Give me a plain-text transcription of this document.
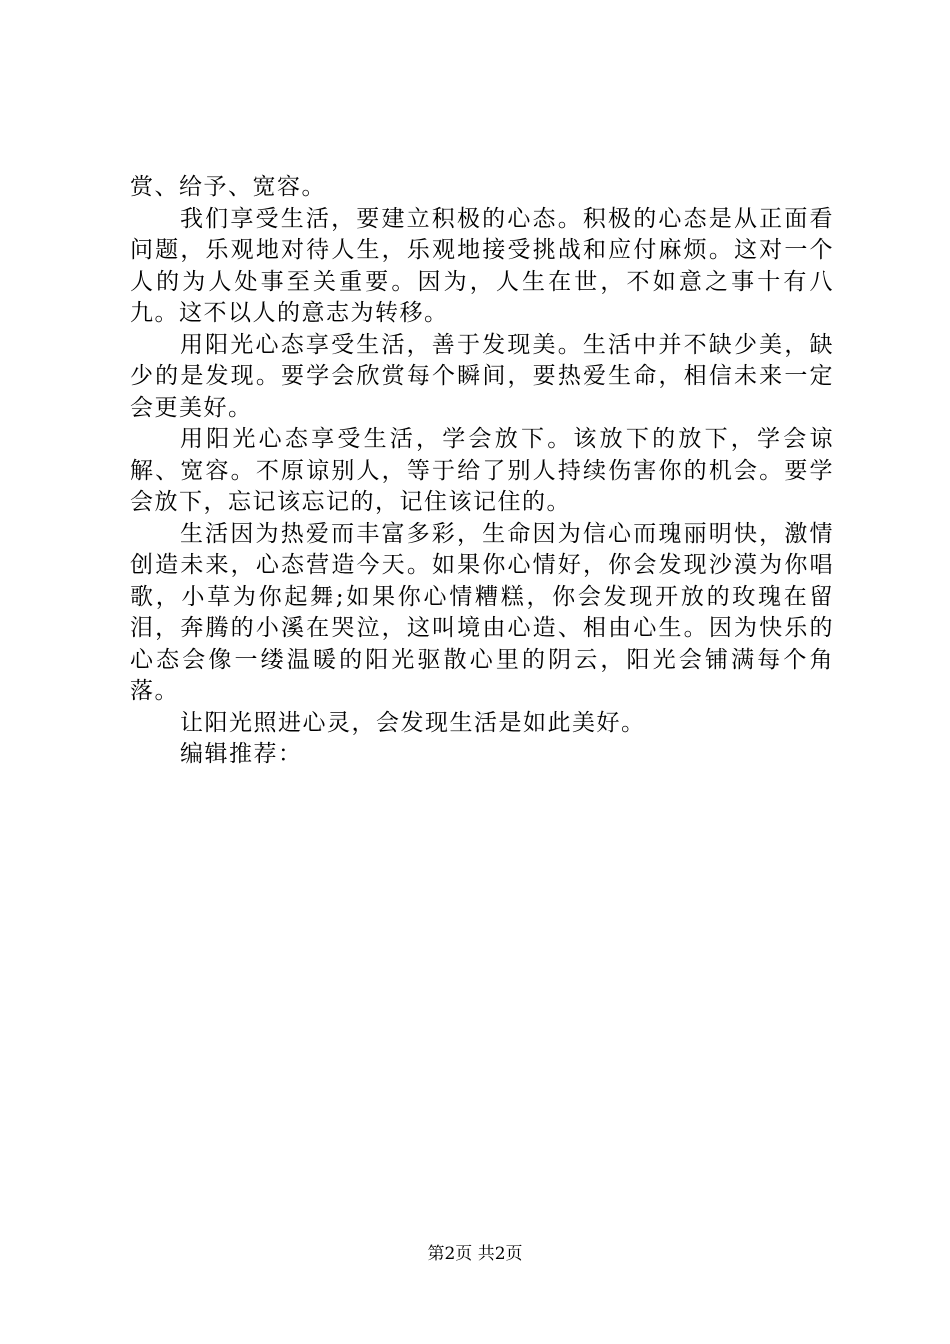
赏、给予、宽容。

我们享受生活，要建立积极的心态。积极的心态是从正面看问题，乐观地对待人生，乐观地接受挑战和应付麻烦。这对一个人的为人处事至关重要。因为，人生在世，不如意之事十有八九。这不以人的意志为转移。

用阳光心态享受生活，善于发现美。生活中并不缺少美，缺少的是发现。要学会欣赏每个瞬间，要热爱生命，相信未来一定会更美好。

用阳光心态享受生活，学会放下。该放下的放下，学会谅解、宽容。不原谅别人，等于给了别人持续伤害你的机会。要学会放下，忘记该忘记的，记住该记住的。

生活因为热爱而丰富多彩，生命因为信心而瑰丽明快，激情创造未来，心态营造今天。如果你心情好，你会发现沙漠为你唱歌，小草为你起舞;如果你心情糟糕，你会发现开放的玫瑰在留泪，奔腾的小溪在哭泣，这叫境由心造、相由心生。因为快乐的心态会像一缕温暖的阳光驱散心里的阴云，阳光会铺满每个角落。

让阳光照进心灵，会发现生活是如此美好。

编辑推荐：

第2页 共2页
